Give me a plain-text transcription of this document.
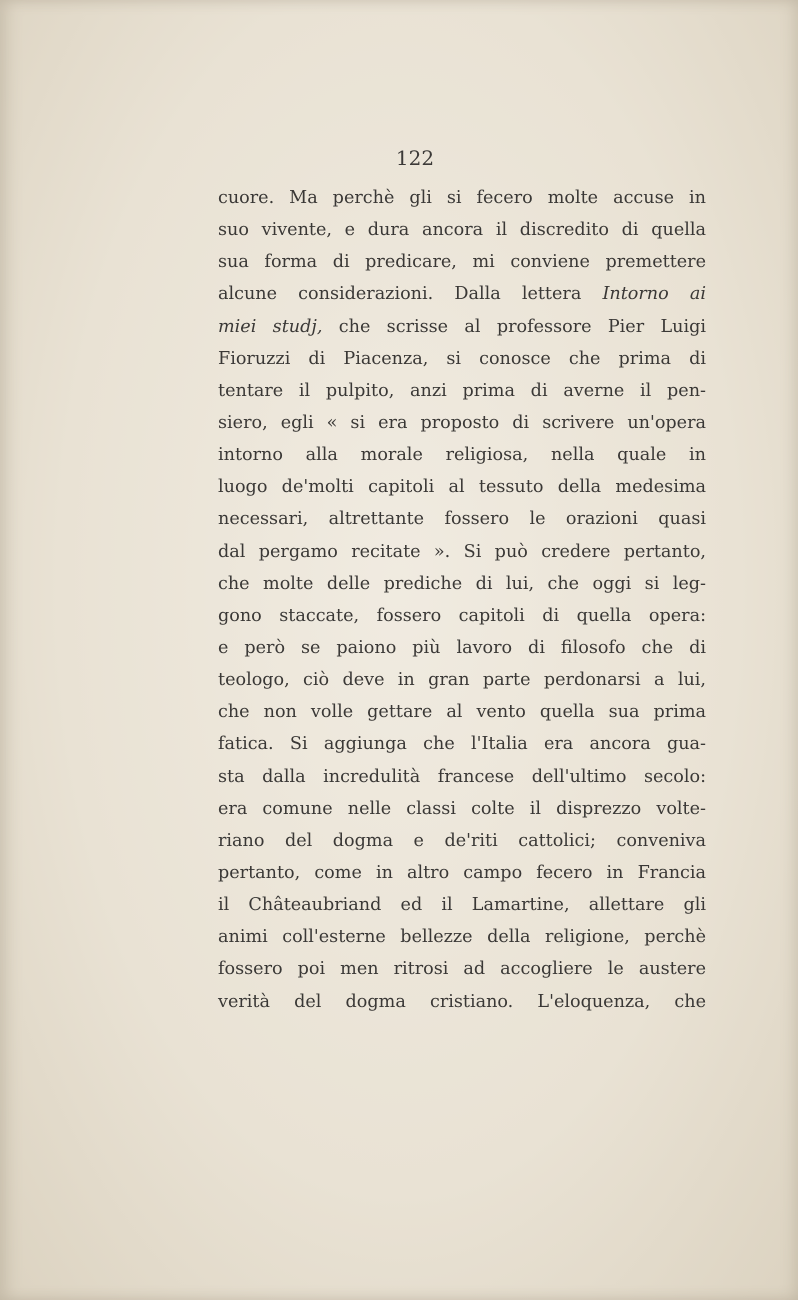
122
cuore. Ma perchè gli si fecero molte accuse in
suo vivente, e dura ancora il discredito di quella
sua forma di predicare, mi conviene premettere
alcune considerazioni. Dalla lettera Intorno ai
miei studj, che scrisse al professore Pier Luigi
Fioruzzi di Piacenza, si conosce che prima di
tentare il pulpito, anzi prima di averne il pen-
siero, egli « si era proposto di scrivere un'opera
intorno alla morale religiosa, nella quale in
luogo de'molti capitoli al tessuto della medesima
necessari, altrettante fossero le orazioni quasi
dal pergamo recitate ». Si può credere pertanto,
che molte delle prediche di lui, che oggi si leg-
gono staccate, fossero capitoli di quella opera:
e però se paiono più lavoro di filosofo che di
teologo, ciò deve in gran parte perdonarsi a lui,
che non volle gettare al vento quella sua prima
fatica. Si aggiunga che l'Italia era ancora gua-
sta dalla incredulità francese dell'ultimo secolo:
era comune nelle classi colte il disprezzo volte-
riano del dogma e de'riti cattolici; conveniva
pertanto, come in altro campo fecero in Francia
il Châteaubriand ed il Lamartine, allettare gli
animi coll'esterne bellezze della religione, perchè
fossero poi men ritrosi ad accogliere le austere
verità del dogma cristiano. L'eloquenza, che
